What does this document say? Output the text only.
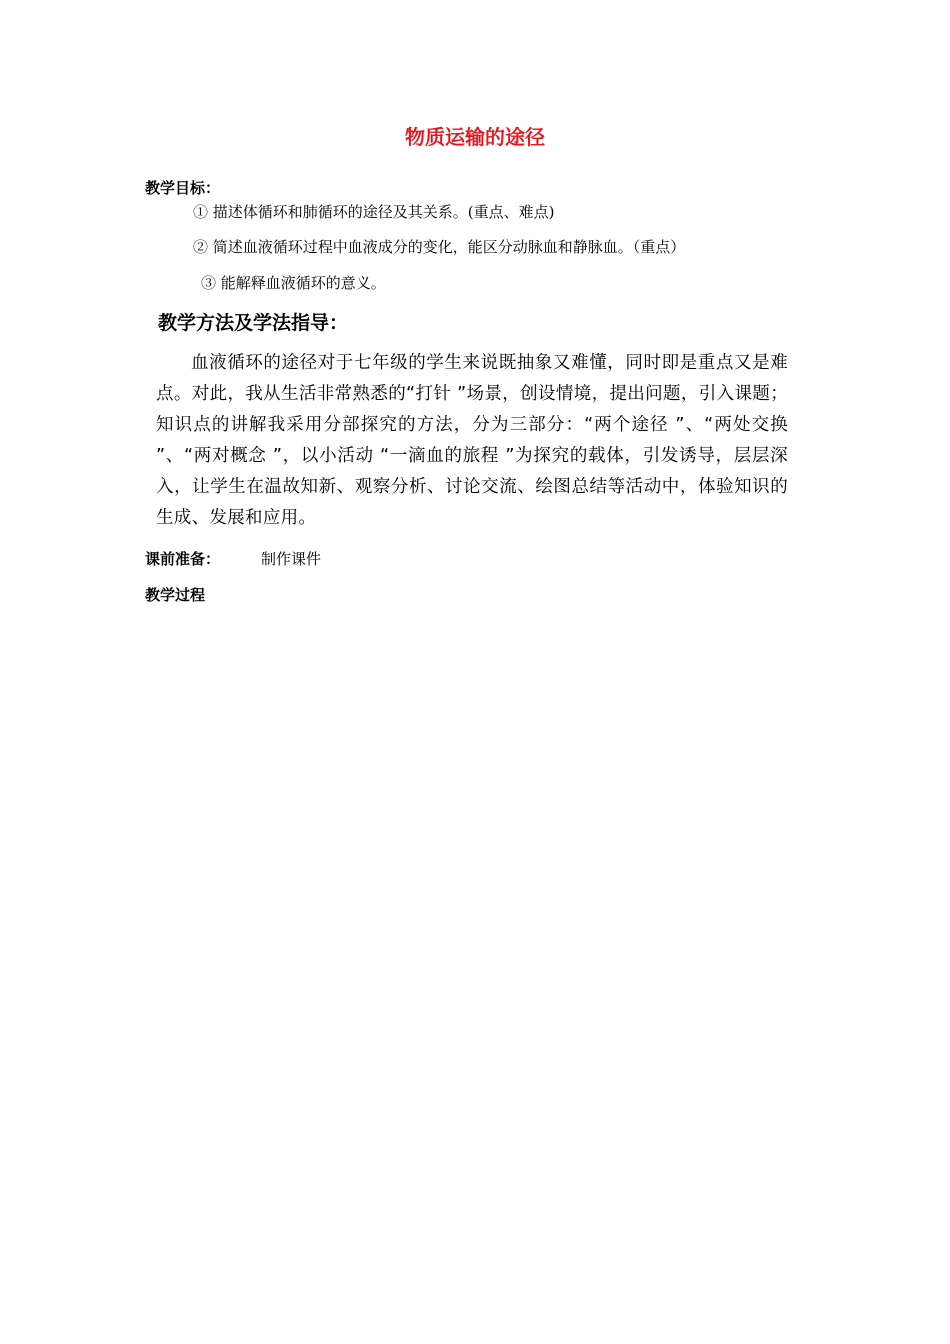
物质运输的途径
教学目标：
① 描述体循环和肺循环的途径及其关系。(重点、难点)
② 简述血液循环过程中血液成分的变化，能区分动脉血和静脉血。（重点）
③ 能解释血液循环的意义。
教学方法及学法指导：
血液循环的途径对于七年级的学生来说既抽象又难懂，同时即是重点又是难点。对此，我从生活非常熟悉的“打针 ”场景，创设情境，提出问题，引入课题；知识点的讲解我采用分部探究的方法，分为三部分：“两个途径 ”、“两处交换 ”、“两对概念 ”，以小活动 “一滴血的旅程 ”为探究的载体，引发诱导，层层深入，让学生在温故知新、观察分析、讨论交流、绘图总结等活动中，体验知识的生成、发展和应用。
课前准备：	制作课件
教学过程
